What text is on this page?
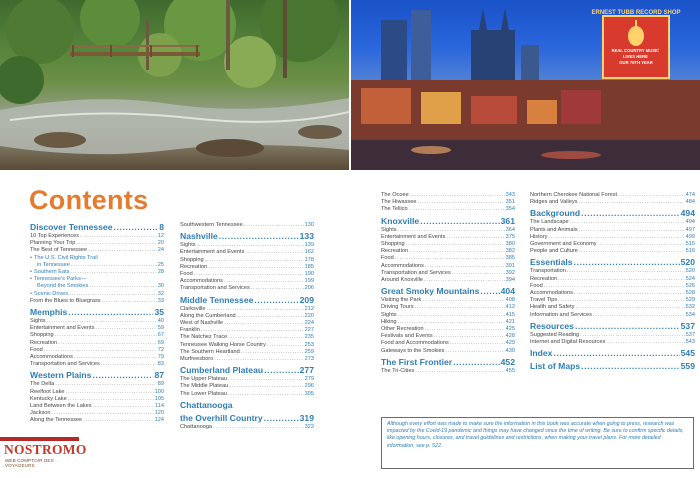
ERNEST TUBB RECORD SHOP
REAL COUNTRY MUSIC LIVES HERE OUR 75TH YEAR
Contents
Discover Tennessee .....	8
10 Top Experiences .....	12
Planning Your Trip .....	20
The Best of Tennessee .....	24
• The U.S. Civil Rights Trail
in Tennessee .....	25
• Southern Eats .....	28
• Tennessee's Parks—
Beyond the Smokies .....	30
• Scenic Drives .....	32
From the Blues to Bluegrass .....	33
Memphis .....	35
Sights .....	40
Entertainment and Events .....	59
Shopping .....	67
Recreation .....	69
Food .....	72
Accommodations .....	79
Transportation and Services .....	83
Western Plains .....	87
The Delta .....	89
Reelfoot Lake .....	100
Kentucky Lake .....	105
Land Between the Lakes .....	114
Jackson .....	120
Along the Tennessee .....	124
Southwestern Tennessee .....	130
Nashville .....	133
Sights .....	139
Entertainment and Events .....	162
Shopping .....	178
Recreation .....	185
Food .....	190
Accommodations .....	199
Transportation and Services .....	206
Middle Tennessee .....	209
Clarksville .....	212
Along the Cumberland .....	220
West of Nashville .....	224
Franklin .....	227
The Natchez Trace .....	235
Tennessee Walking Horse Country .....	253
The Southern Heartland .....	259
Murfreesboro .....	273
Cumberland Plateau .....	277
The Upper Plateau .....	279
The Middle Plateau .....	296
The Lower Plateau .....	305
Chattanooga
the Overhill Country .....	319
Chattanooga .....	322
The Ocoee .....	343
The Hiwassee .....	351
The Tellico .....	354
Knoxville .....	361
Sights .....	364
Entertainment and Events .....	375
Shopping .....	380
Recreation .....	382
Food .....	385
Accommodations .....	391
Transportation and Services .....	392
Around Knoxville .....	394
Great Smoky Mountains ..... 404
Visiting the Park .....	408
Driving Tours .....	412
Sights .....	415
Hiking .....	421
Other Recreation .....	425
Festivals and Events .....	428
Food and Accommodations .....	429
Gateways to the Smokies .....	430
The First Frontier .....	452
The Tri-Cities .....	455
Northern Cherokee National Forest .....	474
Ridges and Valleys .....	484
Background .....	494
The Landscape .....	494
Plants and Animals .....	497
History .....	499
Government and Economy .....	515
People and Culture .....	516
Essentials .....	520
Transportation .....	520
Recreation .....	524
Food .....	526
Accommodations .....	528
Travel Tips .....	529
Health and Safety .....	532
Information and Services .....	534
Resources .....	537
Suggested Reading .....	537
Internet and Digital Resources .....	543
Index .....	545
List of Maps .....	559
Although every effort was made to make sure the information in this book was accurate when going to press, research was impacted by the Covid-19 pandemic and things may have changed since the time of writing. Be sure to confirm specific details, like opening hours, closures, and travel guidelines and restrictions, when making your travel plans. For more detailed information, see p. 522.
NOSTROMO
WEB COMPTOIR DES VOYAGEURS
